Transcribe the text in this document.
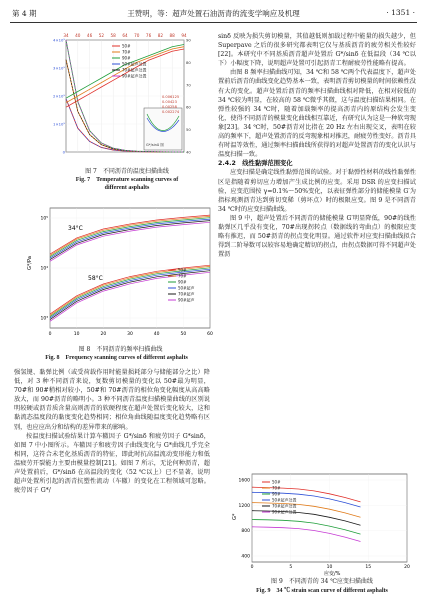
第 4 期	王赞明，等：超声处置石油沥青的流变学响应及机理	· 1351 ·
34 40 46 52 58 64 70 76 82 88 94
4×10⁵
3×10⁵
2×10⁵
1×10⁵
0
90
80
70
60
50
40
50#
70#
90#
50#超声处置
70#超声处置
90#超声处置
G*/sinδ 图
0.006125
0.00423
0.00258
0.002274
图 7　不同沥青的温度扫描曲线
Fig. 7　Temperature scanning curves of
different asphalts
0	10	20	30	40	50	60
10⁵
10⁴
10³
50#
70#
90#
50#超声
70#超声
90#超声
G*/Pa
34°C
58°C
图 8　不同沥青的频率扫描曲线
Fig. 8　Frequency scanning curves of different asphalts

强氢键、黏弹比例（或受荷载作用时能量损耗部分与储能部分之比）降低，对 3 种不同沥青来说，复数剪切模量的变化以 50#最为明显，70#和 90#稍相对较小，50#和 70#沥青的相位角变化幅度从高高略放大，而 90#沥青的略明小。3 种不同沥青温度扫描模量曲线的区别说明较硬或沥青质含量高则沥青的软硬程度在超声处置后变化较大，这和黏流态温度段的黏度变化趋势相同；相位角曲线随温度变化趋势略有区别，也应应出分和结构的差异带来的影响。

按温度扫描试验结果计算车辙因子 G*/sinδ 和疲劳因子 G*sinδ，如图 7 中小图所示。车辙因子和疲劳因子曲线变化与 G*曲线几乎完全相同，这符合未老化基质沥青的特征，即此时抗高温流动变形能力和低温疲劳开裂能力主要由模量控制[21]。如图 7 所示，无论何种沥青，超声处置前后，G*/sinδ 在高温段的变化（52 ℃以上）已不显著，说明超声处置所引起的沥青抗塑性流动（车辙）的变化在工程领域可忽略。疲劳因子 G*/

sinδ 反映为损失剪切模量，其值越低则加载过程中能量的损失越少，但 Superpave 之后的很多研究都表明它仅与基质沥青的疲劳相关性较好[22]。本研究中不同基质沥青超声处置后 G*/sinδ 在低温段（34 ℃以下）小幅度下降，说明超声处置可引起沥青工程耐疲劳性能略有提高。

由图 8 频率扫描曲线可知，34 ℃和 58 ℃两个代表温度下，超声处置前后沥青的曲线变化趋势基本一致，表明沥青剪切模量的时间依赖性没有大的变化。超声处置后沥青的频率扫描曲线相对降低，在相对较低的 34 ℃较为明显，在较高的 58 ℃微乎其微，这与温度扫描结果相同。在弹性较强的 34 ℃时，随着加载频率的提高沥青内的原结构会发生变化，使得不同沥青的模量变化曲线相互靠近，有研究认为这是一种软弯现象[23]。34 ℃时，50#沥青对比指在 20 Hz 左右出现交叉，表明在较高的频率下，超声处置沥青的反弯现象相对推迟，耐疲劳性变好。沥青具有时温等效性，通过频率扫描曲线所获得的对超声处置沥青的变化认识与温度扫描一致。

2.4.2　线性黏弹范围变化

应变扫描是确定线性黏弹范围的试验。对于黏弹性材料的线性黏弹性区是指随着剪切应力增加产生成比例的应变。采用 DSR 的应变扫描试验，应变范围按 γ=0.1%～50%变化，以表征弹性部分的储能模量 G′为指标观测沥青达到剪切变稀（剪坏点）时的极限应变。图 9 是不同沥青 34 ℃时的应变扫描曲线。

图 9 中，超声处置后不同沥青的储能模量 G′明显降低，90#的线性黏弹区几乎没有变化，70#出现拐转点（数据线的弯曲点）的极限应变略有推迟，而 50#沥青的拐点变化明显。通过软件对应变扫描曲线拟合得到二阶导数可以较容易地确定精切的拐点，由拐点数据可得不同超声处置沥

0	5	10	15	20
1600
1200
800
400
50#
70#
90#
50#超声处置
70#超声处置
90#超声处置
G*
应变/%
图 9　不同沥青的 34 ℃应变扫描曲线
Fig. 9　34 ℃ strain scan curve of different asphalts
